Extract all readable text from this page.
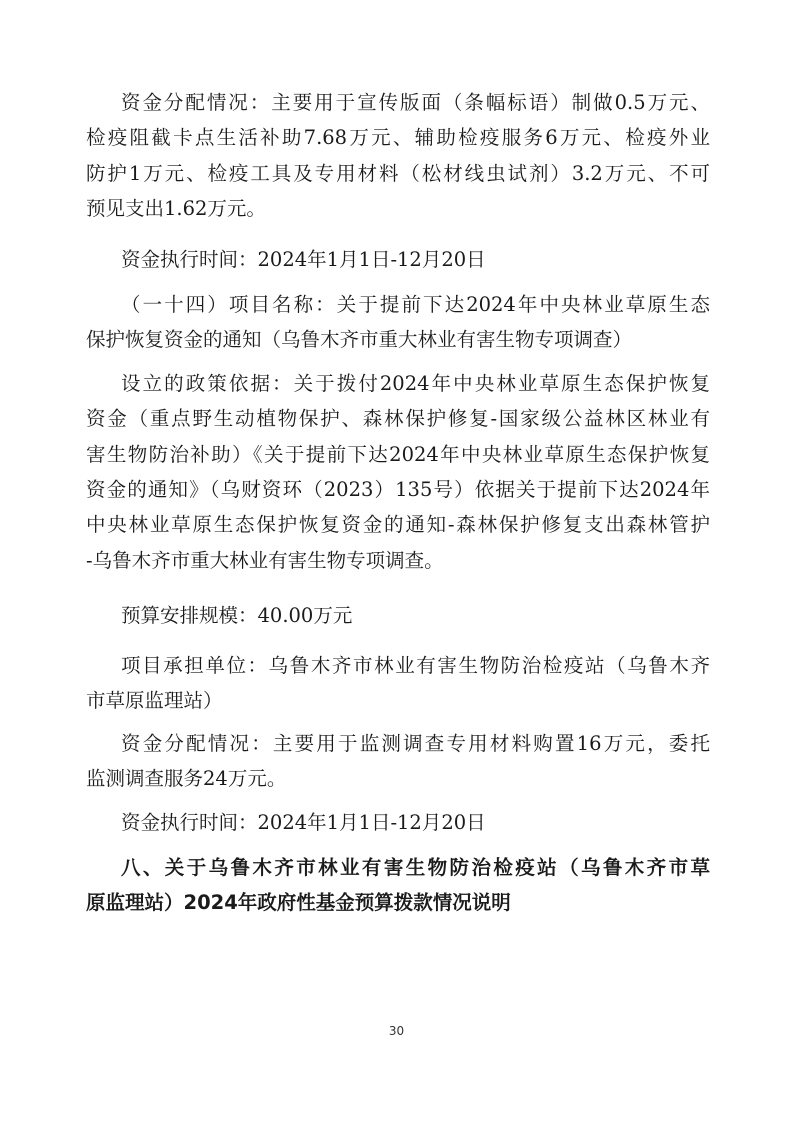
资金分配情况：主要用于宣传版面（条幅标语）制做0.5万元、
检疫阻截卡点生活补助7.68万元、辅助检疫服务6万元、检疫外业
防护1万元、检疫工具及专用材料（松材线虫试剂）3.2万元、不可
预见支出1.62万元。
资金执行时间：2024年1月1日-12月20日
（一十四）项目名称：关于提前下达2024年中央林业草原生态
保护恢复资金的通知（乌鲁木齐市重大林业有害生物专项调查）
设立的政策依据：关于拨付2024年中央林业草原生态保护恢复
资金（重点野生动植物保护、森林保护修复-国家级公益林区林业有
害生物防治补助）《关于提前下达2024年中央林业草原生态保护恢复
资金的通知》（乌财资环（2023）135号）依据关于提前下达2024年
中央林业草原生态保护恢复资金的通知-森林保护修复支出森林管护
-乌鲁木齐市重大林业有害生物专项调查。
预算安排规模：40.00万元
项目承担单位：乌鲁木齐市林业有害生物防治检疫站（乌鲁木齐
市草原监理站）
资金分配情况：主要用于监测调查专用材料购置16万元，委托
监测调查服务24万元。
资金执行时间：2024年1月1日-12月20日
八、关于乌鲁木齐市林业有害生物防治检疫站（乌鲁木齐市草
原监理站）2024年政府性基金预算拨款情况说明
30
